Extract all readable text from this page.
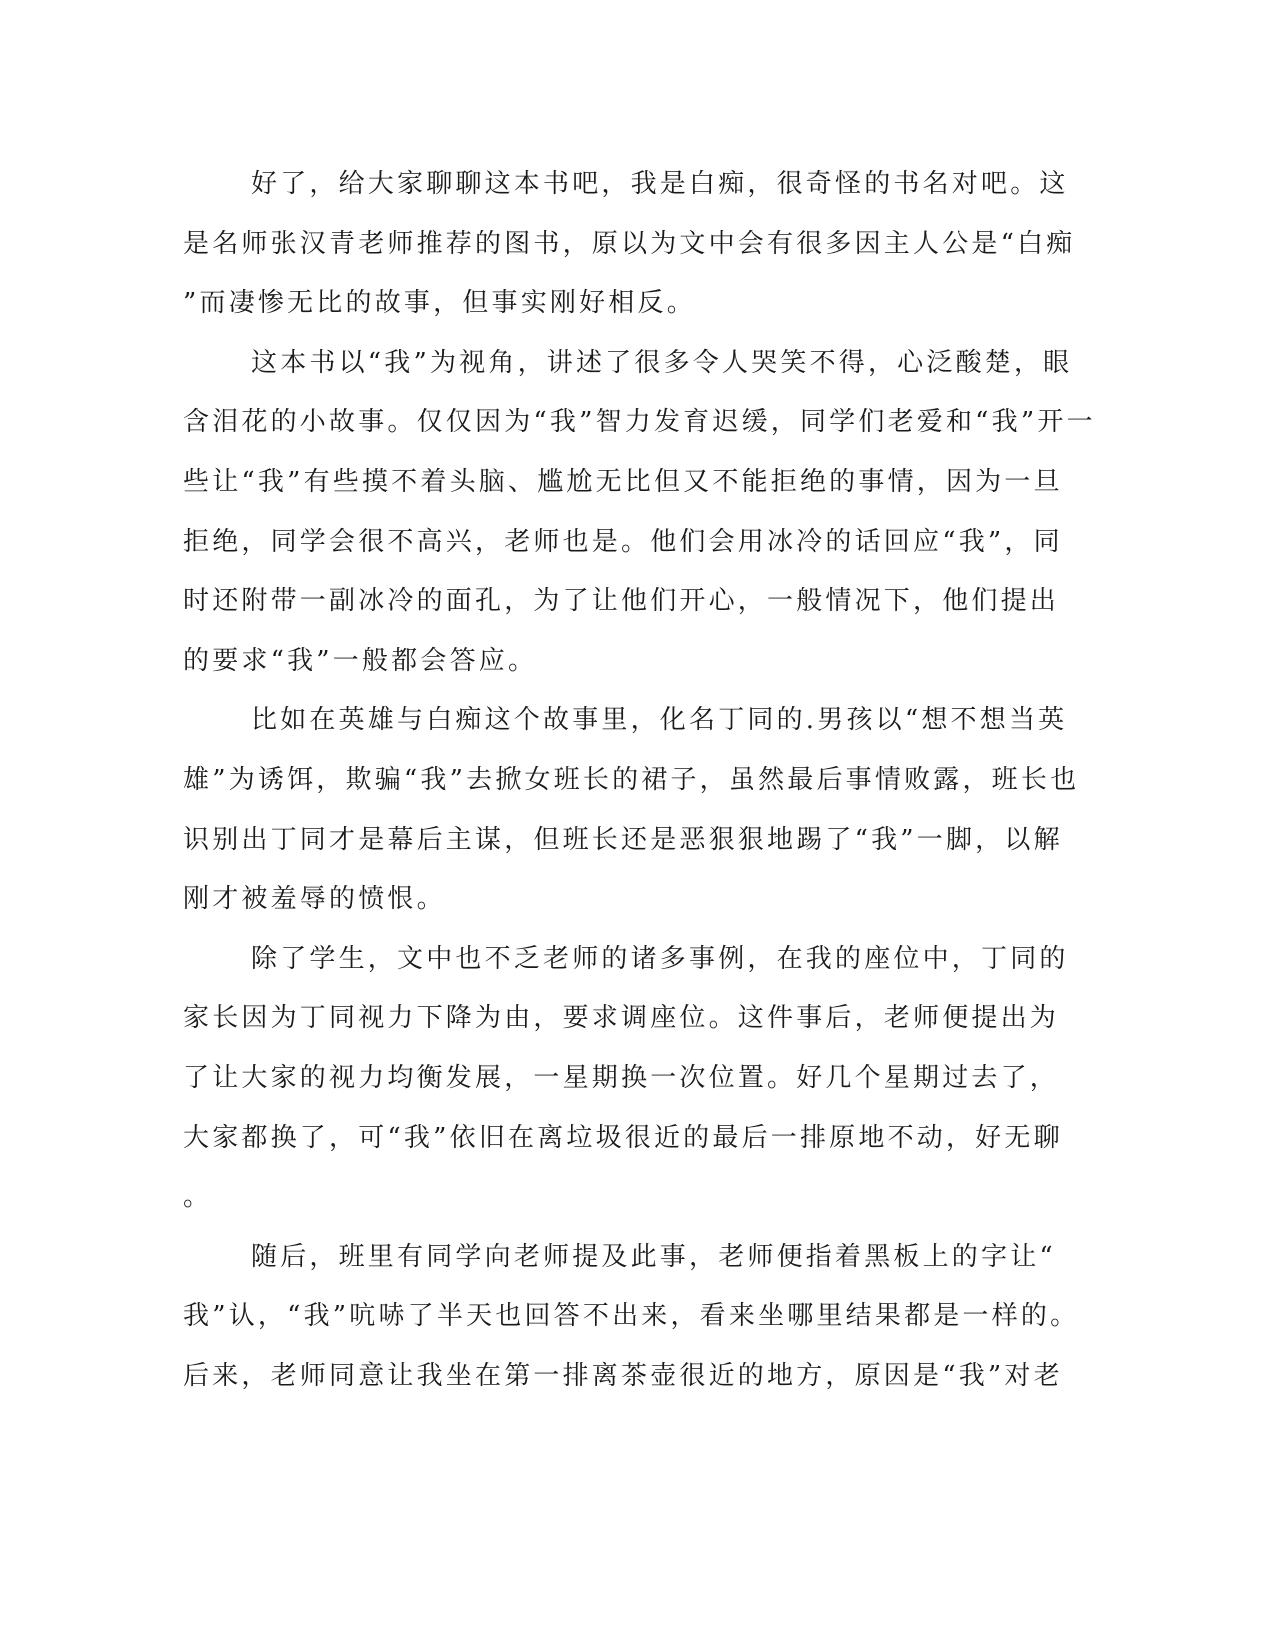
好了，给大家聊聊这本书吧，我是白痴，很奇怪的书名对吧。这
是名师张汉青老师推荐的图书，原以为文中会有很多因主人公是“白痴
”而凄惨无比的故事，但事实刚好相反。
这本书以“我”为视角，讲述了很多令人哭笑不得，心泛酸楚，眼
含泪花的小故事。仅仅因为“我”智力发育迟缓，同学们老爱和“我”开一
些让“我”有些摸不着头脑、尴尬无比但又不能拒绝的事情，因为一旦
拒绝，同学会很不高兴，老师也是。他们会用冰冷的话回应“我”，同
时还附带一副冰冷的面孔，为了让他们开心，一般情况下，他们提出
的要求“我”一般都会答应。
比如在英雄与白痴这个故事里，化名丁同的.男孩以“想不想当英
雄”为诱饵，欺骗“我”去掀女班长的裙子，虽然最后事情败露，班长也
识别出丁同才是幕后主谋，但班长还是恶狠狠地踢了“我”一脚，以解
刚才被羞辱的愤恨。
除了学生，文中也不乏老师的诸多事例，在我的座位中，丁同的
家长因为丁同视力下降为由，要求调座位。这件事后，老师便提出为
了让大家的视力均衡发展，一星期换一次位置。好几个星期过去了，
大家都换了，可“我”依旧在离垃圾很近的最后一排原地不动，好无聊
。
随后，班里有同学向老师提及此事，老师便指着黑板上的字让“
我”认，“我”吭哧了半天也回答不出来，看来坐哪里结果都是一样的。
后来，老师同意让我坐在第一排离茶壶很近的地方，原因是“我”对老
